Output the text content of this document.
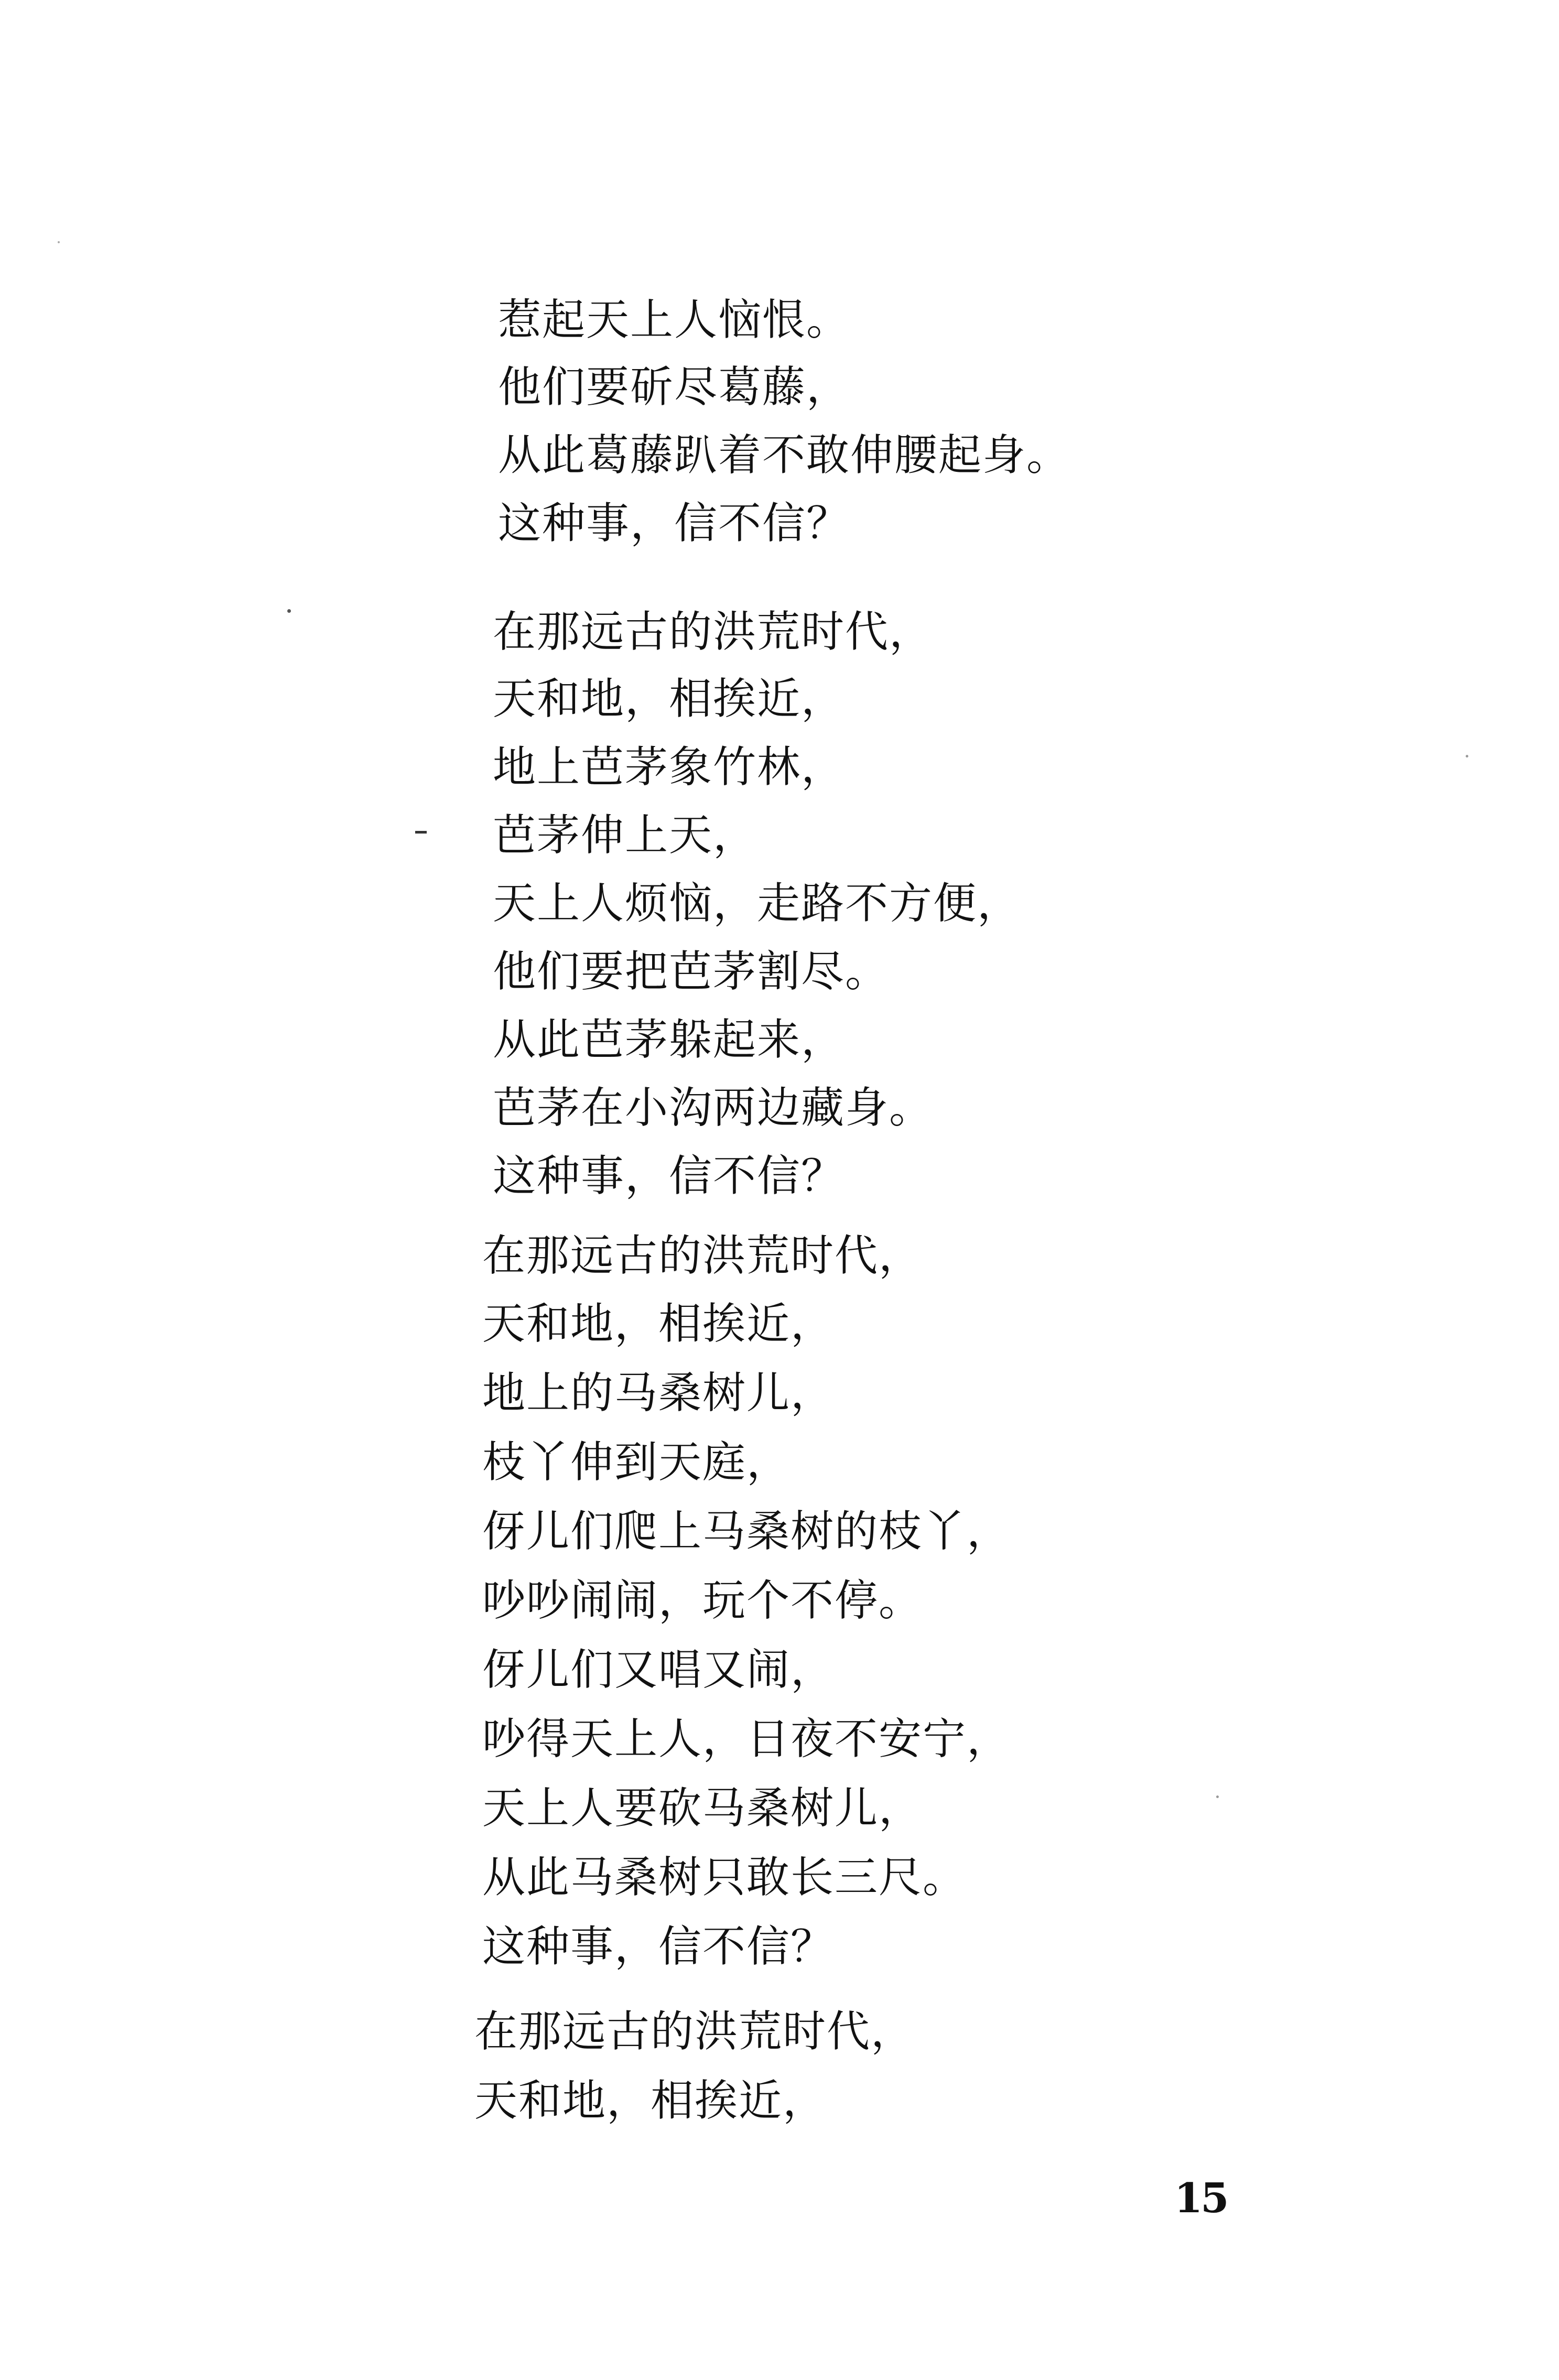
惹起天上人恼恨。
他们要斫尽葛藤，
从此葛藤趴着不敢伸腰起身。
这种事，信不信？
在那远古的洪荒时代，
天和地，相挨近，
地上芭茅象竹林，
芭茅伸上天，
天上人烦恼，走路不方便，
他们要把芭茅割尽。
从此芭茅躲起来，
芭茅在小沟两边藏身。
这种事，信不信？
在那远古的洪荒时代，
天和地，相挨近，
地上的马桑树儿，
枝丫伸到天庭，
伢儿们爬上马桑树的枝丫，
吵吵闹闹，玩个不停。
伢儿们又唱又闹，
吵得天上人，日夜不安宁，
天上人要砍马桑树儿，
从此马桑树只敢长三尺。
这种事，信不信？
在那远古的洪荒时代，
天和地，相挨近，
15
